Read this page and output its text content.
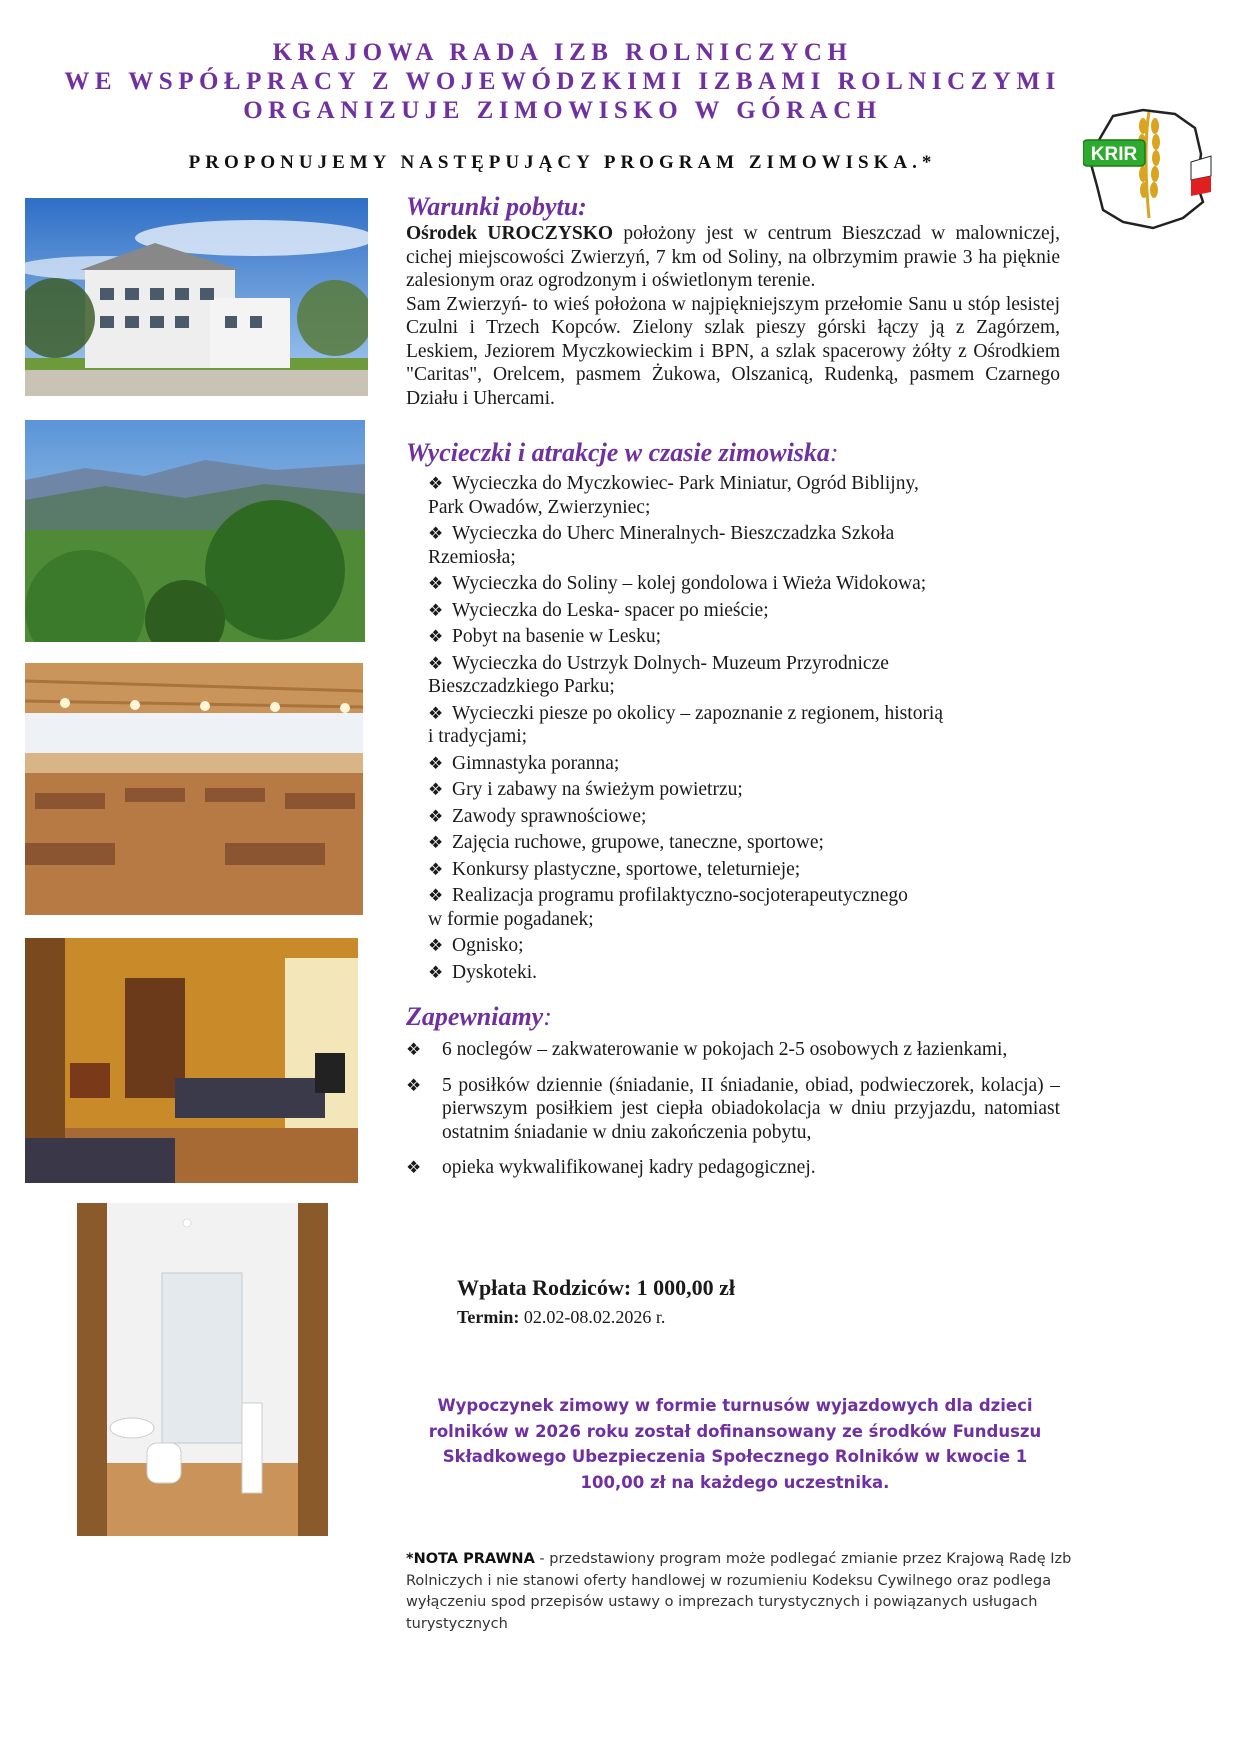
KRAJOWA RADA IZB ROLNICZYCH
WE WSPÓŁPRACY Z WOJEWÓDZKIMI IZBAMI ROLNICZYMI
ORGANIZUJE ZIMOWISKO W GÓRACH
PROPONUJEMY NASTĘPUJĄCY PROGRAM ZIMOWISKA.*	KRIR
Warunki pobytu:

Ośrodek UROCZYSKO położony jest w centrum Bieszczad w malowniczej, cichej miejscowości Zwierzyń, 7 km od Soliny, na olbrzymim prawie 3 ha pięknie zalesionym oraz ogrodzonym i oświetlonym terenie.

Sam Zwierzyń- to wieś położona w najpiękniejszym przełomie Sanu u stóp lesistej Czulni i Trzech Kopców. Zielony szlak pieszy górski łączy ją z Zagórzem, Leskiem, Jeziorem Myczkowieckim i BPN, a szlak spacerowy żółty z Ośrodkiem "Caritas", Orelcem, pasmem Żukowa, Olszanicą, Rudenką, pasmem Czarnego Działu i Uhercami.

Wycieczki i atrakcje w czasie zimowiska:
❖ Wycieczka do Myczkowiec- Park Miniatur, Ogród Biblijny,
Park Owadów, Zwierzyniec;
❖ Wycieczka do Uherc Mineralnych- Bieszczadzka Szkoła
Rzemiosła;
❖ Wycieczka do Soliny – kolej gondolowa i Wieża Widokowa;
❖ Wycieczka do Leska- spacer po mieście;
❖ Pobyt na basenie w Lesku;
❖ Wycieczka do Ustrzyk Dolnych- Muzeum Przyrodnicze
Bieszczadzkiego Parku;
❖ Wycieczki piesze po okolicy – zapoznanie z regionem, historią
i tradycjami;
❖ Gimnastyka poranna;
❖ Gry i zabawy na świeżym powietrzu;
❖ Zawody sprawnościowe;
❖ Zajęcia ruchowe, grupowe, taneczne, sportowe;
❖ Konkursy plastyczne, sportowe, teleturnieje;
❖ Realizacja programu profilaktyczno-socjoterapeutycznego
w formie pogadanek;
❖ Ognisko;
❖ Dyskoteki.
Zapewniamy:
❖ 6 noclegów – zakwaterowanie w pokojach 2-5 osobowych z łazienkami,
❖ 5 posiłków dziennie (śniadanie, II śniadanie, obiad, podwieczorek, kolacja) – pierwszym posiłkiem jest ciepła obiadokolacja w dniu przyjazdu, natomiast ostatnim śniadanie w dniu zakończenia pobytu,
❖ opieka wykwalifikowanej kadry pedagogicznej.
Wpłata Rodziców: 1 000,00 zł
Termin: 02.02-08.02.2026 r.
Wypoczynek zimowy w formie turnusów wyjazdowych dla dzieci rolników w 2026 roku został dofinansowany ze środków Funduszu Składkowego Ubezpieczenia Społecznego Rolników w kwocie 1 100,00 zł na każdego uczestnika.
*NOTA PRAWNA - przedstawiony program może podlegać zmianie przez Krajową Radę Izb Rolniczych i nie stanowi oferty handlowej w rozumieniu Kodeksu Cywilnego oraz podlega wyłączeniu spod przepisów ustawy o imprezach turystycznych i powiązanych usługach turystycznych
